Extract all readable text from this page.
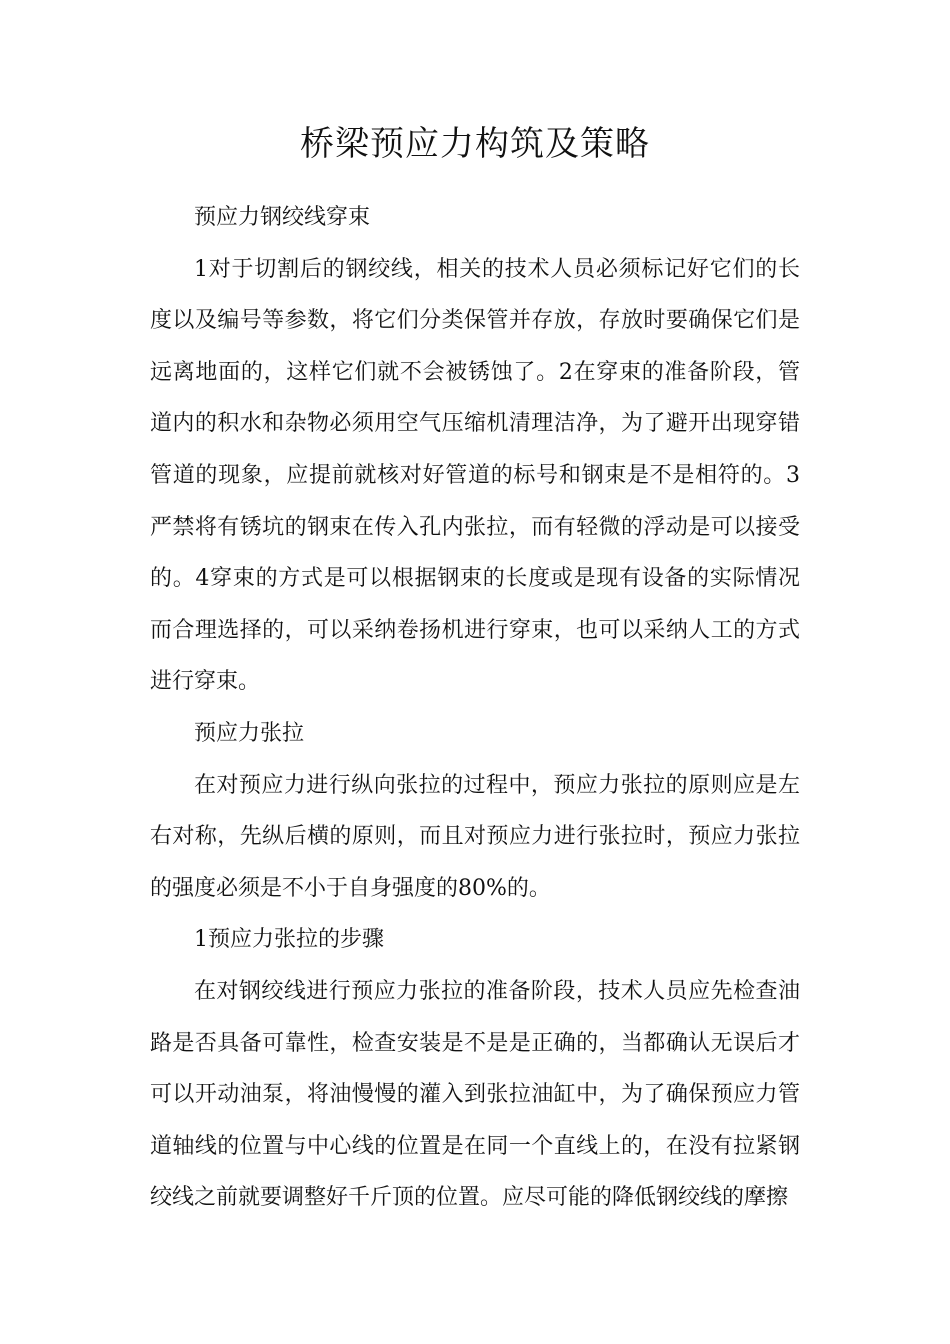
桥梁预应力构筑及策略

预应力钢绞线穿束

1对于切割后的钢绞线，相关的技术人员必须标记好它们的长度以及编号等参数，将它们分类保管并存放，存放时要确保它们是远离地面的，这样它们就不会被锈蚀了。2在穿束的准备阶段，管道内的积水和杂物必须用空气压缩机清理洁净，为了避开出现穿错管道的现象，应提前就核对好管道的标号和钢束是不是相符的。3严禁将有锈坑的钢束在传入孔内张拉，而有轻微的浮动是可以接受的。4穿束的方式是可以根据钢束的长度或是现有设备的实际情况而合理选择的，可以采纳卷扬机进行穿束，也可以采纳人工的方式进行穿束。

预应力张拉

在对预应力进行纵向张拉的过程中，预应力张拉的原则应是左右对称，先纵后横的原则，而且对预应力进行张拉时，预应力张拉的强度必须是不小于自身强度的80%的。

1预应力张拉的步骤

在对钢绞线进行预应力张拉的准备阶段，技术人员应先检查油路是否具备可靠性，检查安装是不是是正确的，当都确认无误后才可以开动油泵，将油慢慢的灌入到张拉油缸中，为了确保预应力管道轴线的位置与中心线的位置是在同一个直线上的，在没有拉紧钢绞线之前就要调整好千斤顶的位置。应尽可能的降低钢绞线的摩擦
